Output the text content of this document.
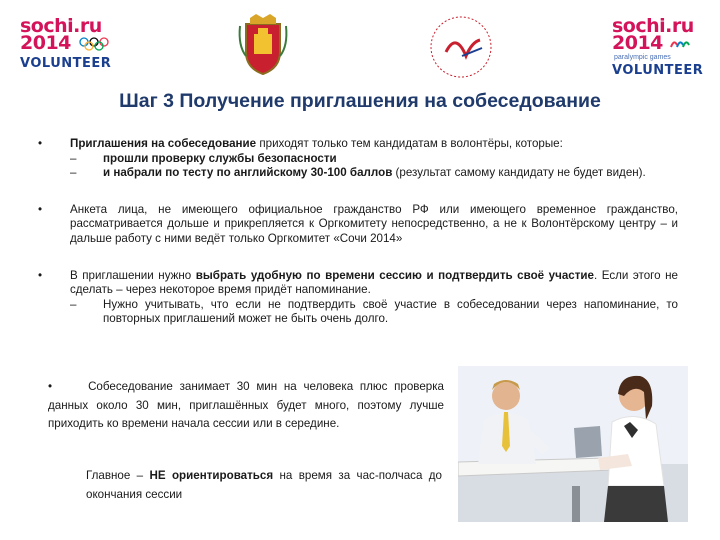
sochi.ru
2014
VOLUNTEER
sochi.ru
2014
paralympic games
VOLUNTEER
Шаг 3 Получение приглашения на собеседование
• Приглашения на собеседование приходят только тем кандидатам в волонтёры, которые:
– прошли проверку службы безопасности
– и набрали по тесту по английскому 30-100 баллов (результат самому кандидату не будет виден).
• Анкета лица, не имеющего официальное гражданство РФ или имеющего временное гражданство, рассматривается дольше и прикрепляется к Оргкомитету непосредственно, а не к Волонтёрскому центру – и дальше работу с ними ведёт только Оргкомитет «Сочи 2014»
• В приглашении нужно выбрать удобную по времени сессию и подтвердить своё участие. Если этого не сделать – через некоторое время придёт напоминание.
– Нужно учитывать, что если не подтвердить своё участие в собеседовании через напоминание, то повторных приглашений может не быть очень долго.
•	Собеседование занимает 30 мин на человека плюс проверка данных около 30 мин, приглашённых будет много, поэтому лучше приходить ко времени начала сессии или в середине.
Главное – НЕ ориентироваться на время за час-полчаса до окончания сессии
